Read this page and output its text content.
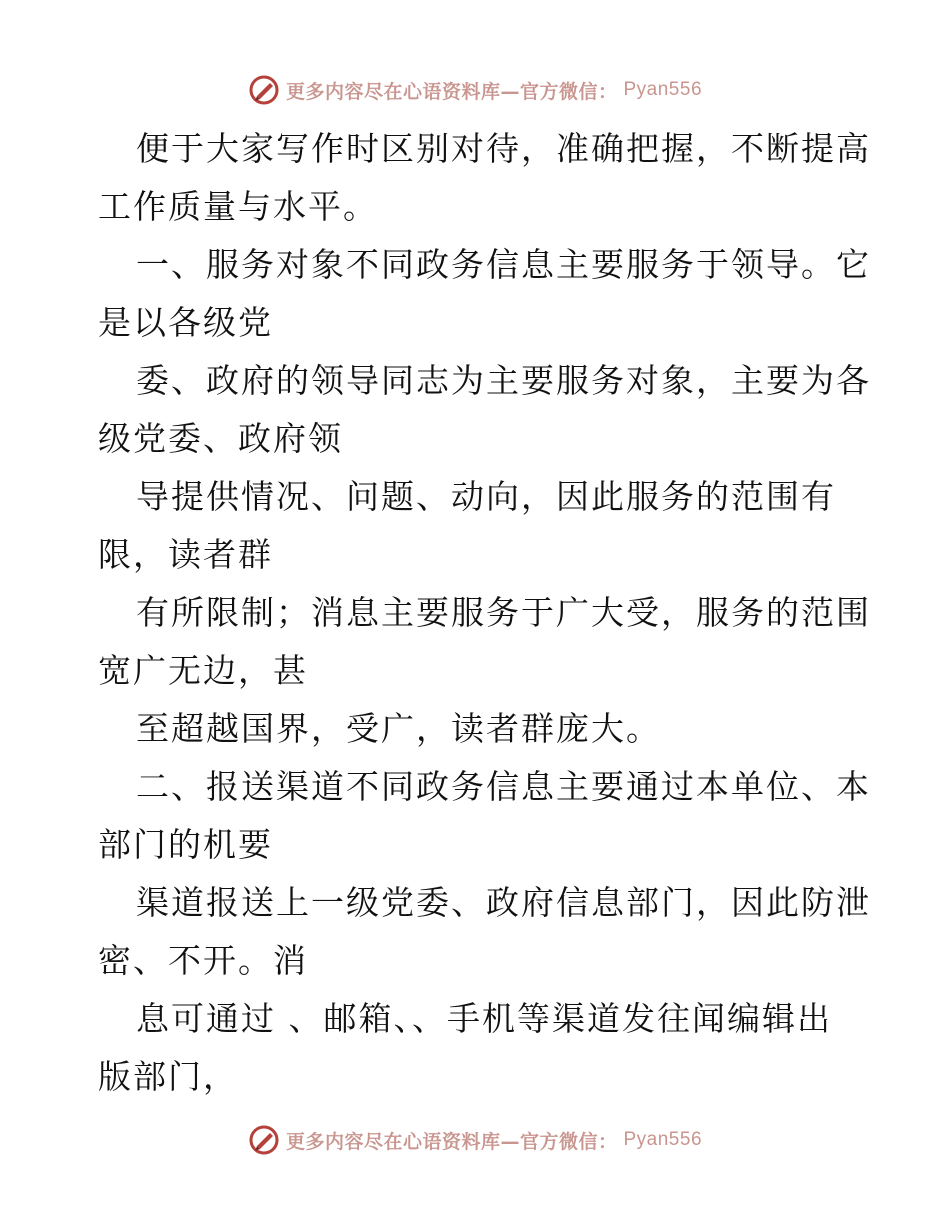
更多内容尽在心语资料库—官方微信： Pyan556
便于大家写作时区别对待，准确把握，不断提高
工作质量与水平。
一、服务对象不同政务信息主要服务于领导。它
是以各级党
委、政府的领导同志为主要服务对象，主要为各
级党委、政府领
导提供情况、问题、动向，因此服务的范围有
限，读者群
有所限制；消息主要服务于广大受，服务的范围
宽广无边，甚
至超越国界，受广，读者群庞大。
二、报送渠道不同政务信息主要通过本单位、本
部门的机要
渠道报送上一级党委、政府信息部门，因此防泄
密、不开。消
息可通过 、邮箱、、手机等渠道发往闻编辑出
版部门，
更多内容尽在心语资料库—官方微信： Pyan556
